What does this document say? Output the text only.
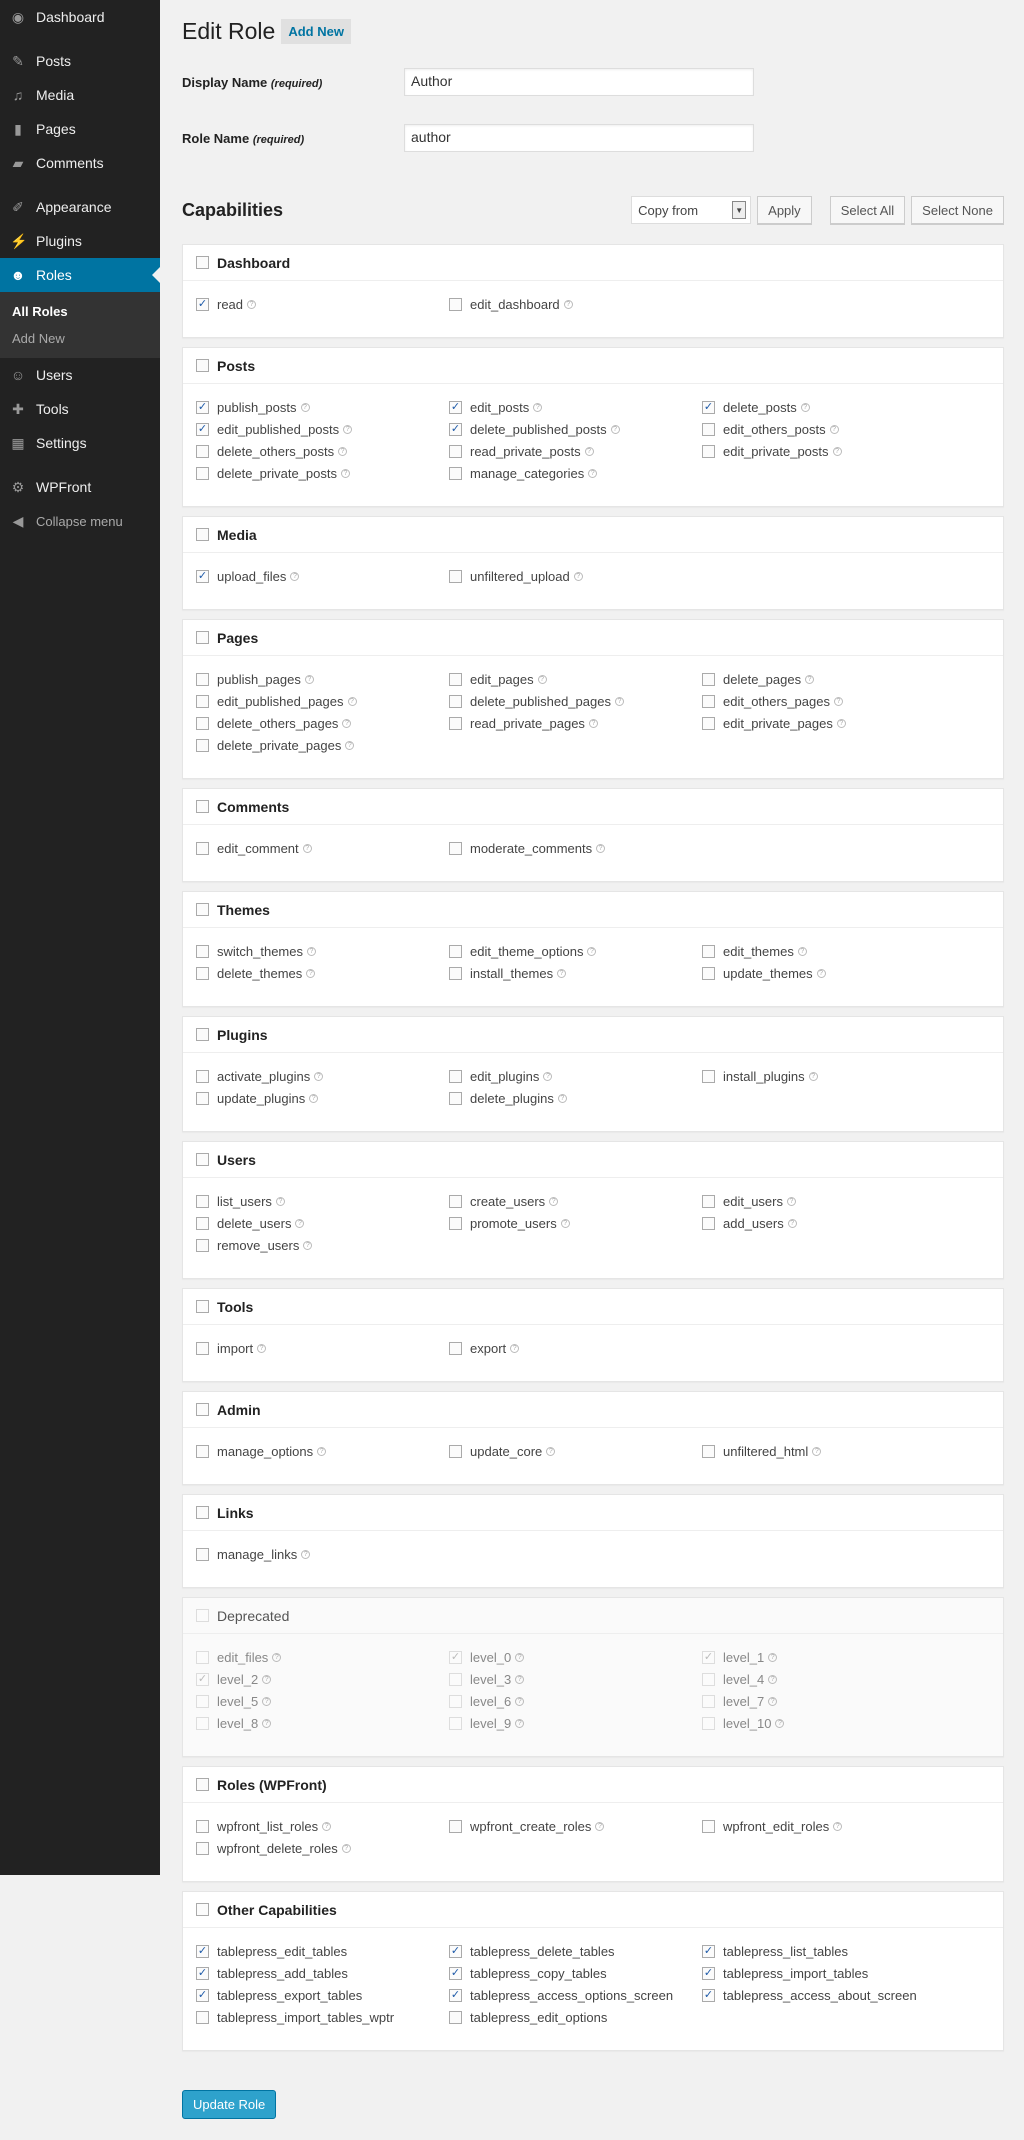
◉ Dashboard
✎ Posts
♫ Media
▮ Pages
▰ Comments
✐ Appearance
⚡ Plugins
☻ Roles
All Roles
Add New
☺ Users
✚ Tools
▦ Settings
⚙ WPFront
◀ Collapse menu
Edit Role	Add New
Display Name (required)	Author
Role Name (required)	author
Capabilities	Copy from	▼	Apply	Select All	Select None
Dashboard
✓ read ?	edit_dashboard ?
Posts
✓ publish_posts ?	✓ edit_posts ?	✓ delete_posts ?
✓ edit_published_posts ?	✓ delete_published_posts ?	edit_others_posts ?
delete_others_posts ?	read_private_posts ?	edit_private_posts ?
delete_private_posts ?	manage_categories ?
Media
✓ upload_files ?	unfiltered_upload ?
Pages
publish_pages ?	edit_pages ?	delete_pages ?
edit_published_pages ?	delete_published_pages ?	edit_others_pages ?
delete_others_pages ?	read_private_pages ?	edit_private_pages ?
delete_private_pages ?
Comments
edit_comment ?	moderate_comments ?
Themes
switch_themes ?	edit_theme_options ?	edit_themes ?
delete_themes ?	install_themes ?	update_themes ?
Plugins
activate_plugins ?	edit_plugins ?	install_plugins ?
update_plugins ?	delete_plugins ?
Users
list_users ?	create_users ?	edit_users ?
delete_users ?	promote_users ?	add_users ?
remove_users ?
Tools
import ?	export ?
Admin
manage_options ?	update_core ?	unfiltered_html ?
Links
manage_links ?
Deprecated
edit_files ?	✓ level_0 ?	✓ level_1 ?
✓ level_2 ?	level_3 ?	level_4 ?
level_5 ?	level_6 ?	level_7 ?
level_8 ?	level_9 ?	level_10 ?
Roles (WPFront)
wpfront_list_roles ?	wpfront_create_roles ?	wpfront_edit_roles ?
wpfront_delete_roles ?
Other Capabilities
✓ tablepress_edit_tables	✓ tablepress_delete_tables	✓ tablepress_list_tables
✓ tablepress_add_tables	✓ tablepress_copy_tables	✓ tablepress_import_tables
✓ tablepress_export_tables	✓ tablepress_access_options_screen	✓ tablepress_access_about_screen
tablepress_import_tables_wptr	tablepress_edit_options
Update Role
